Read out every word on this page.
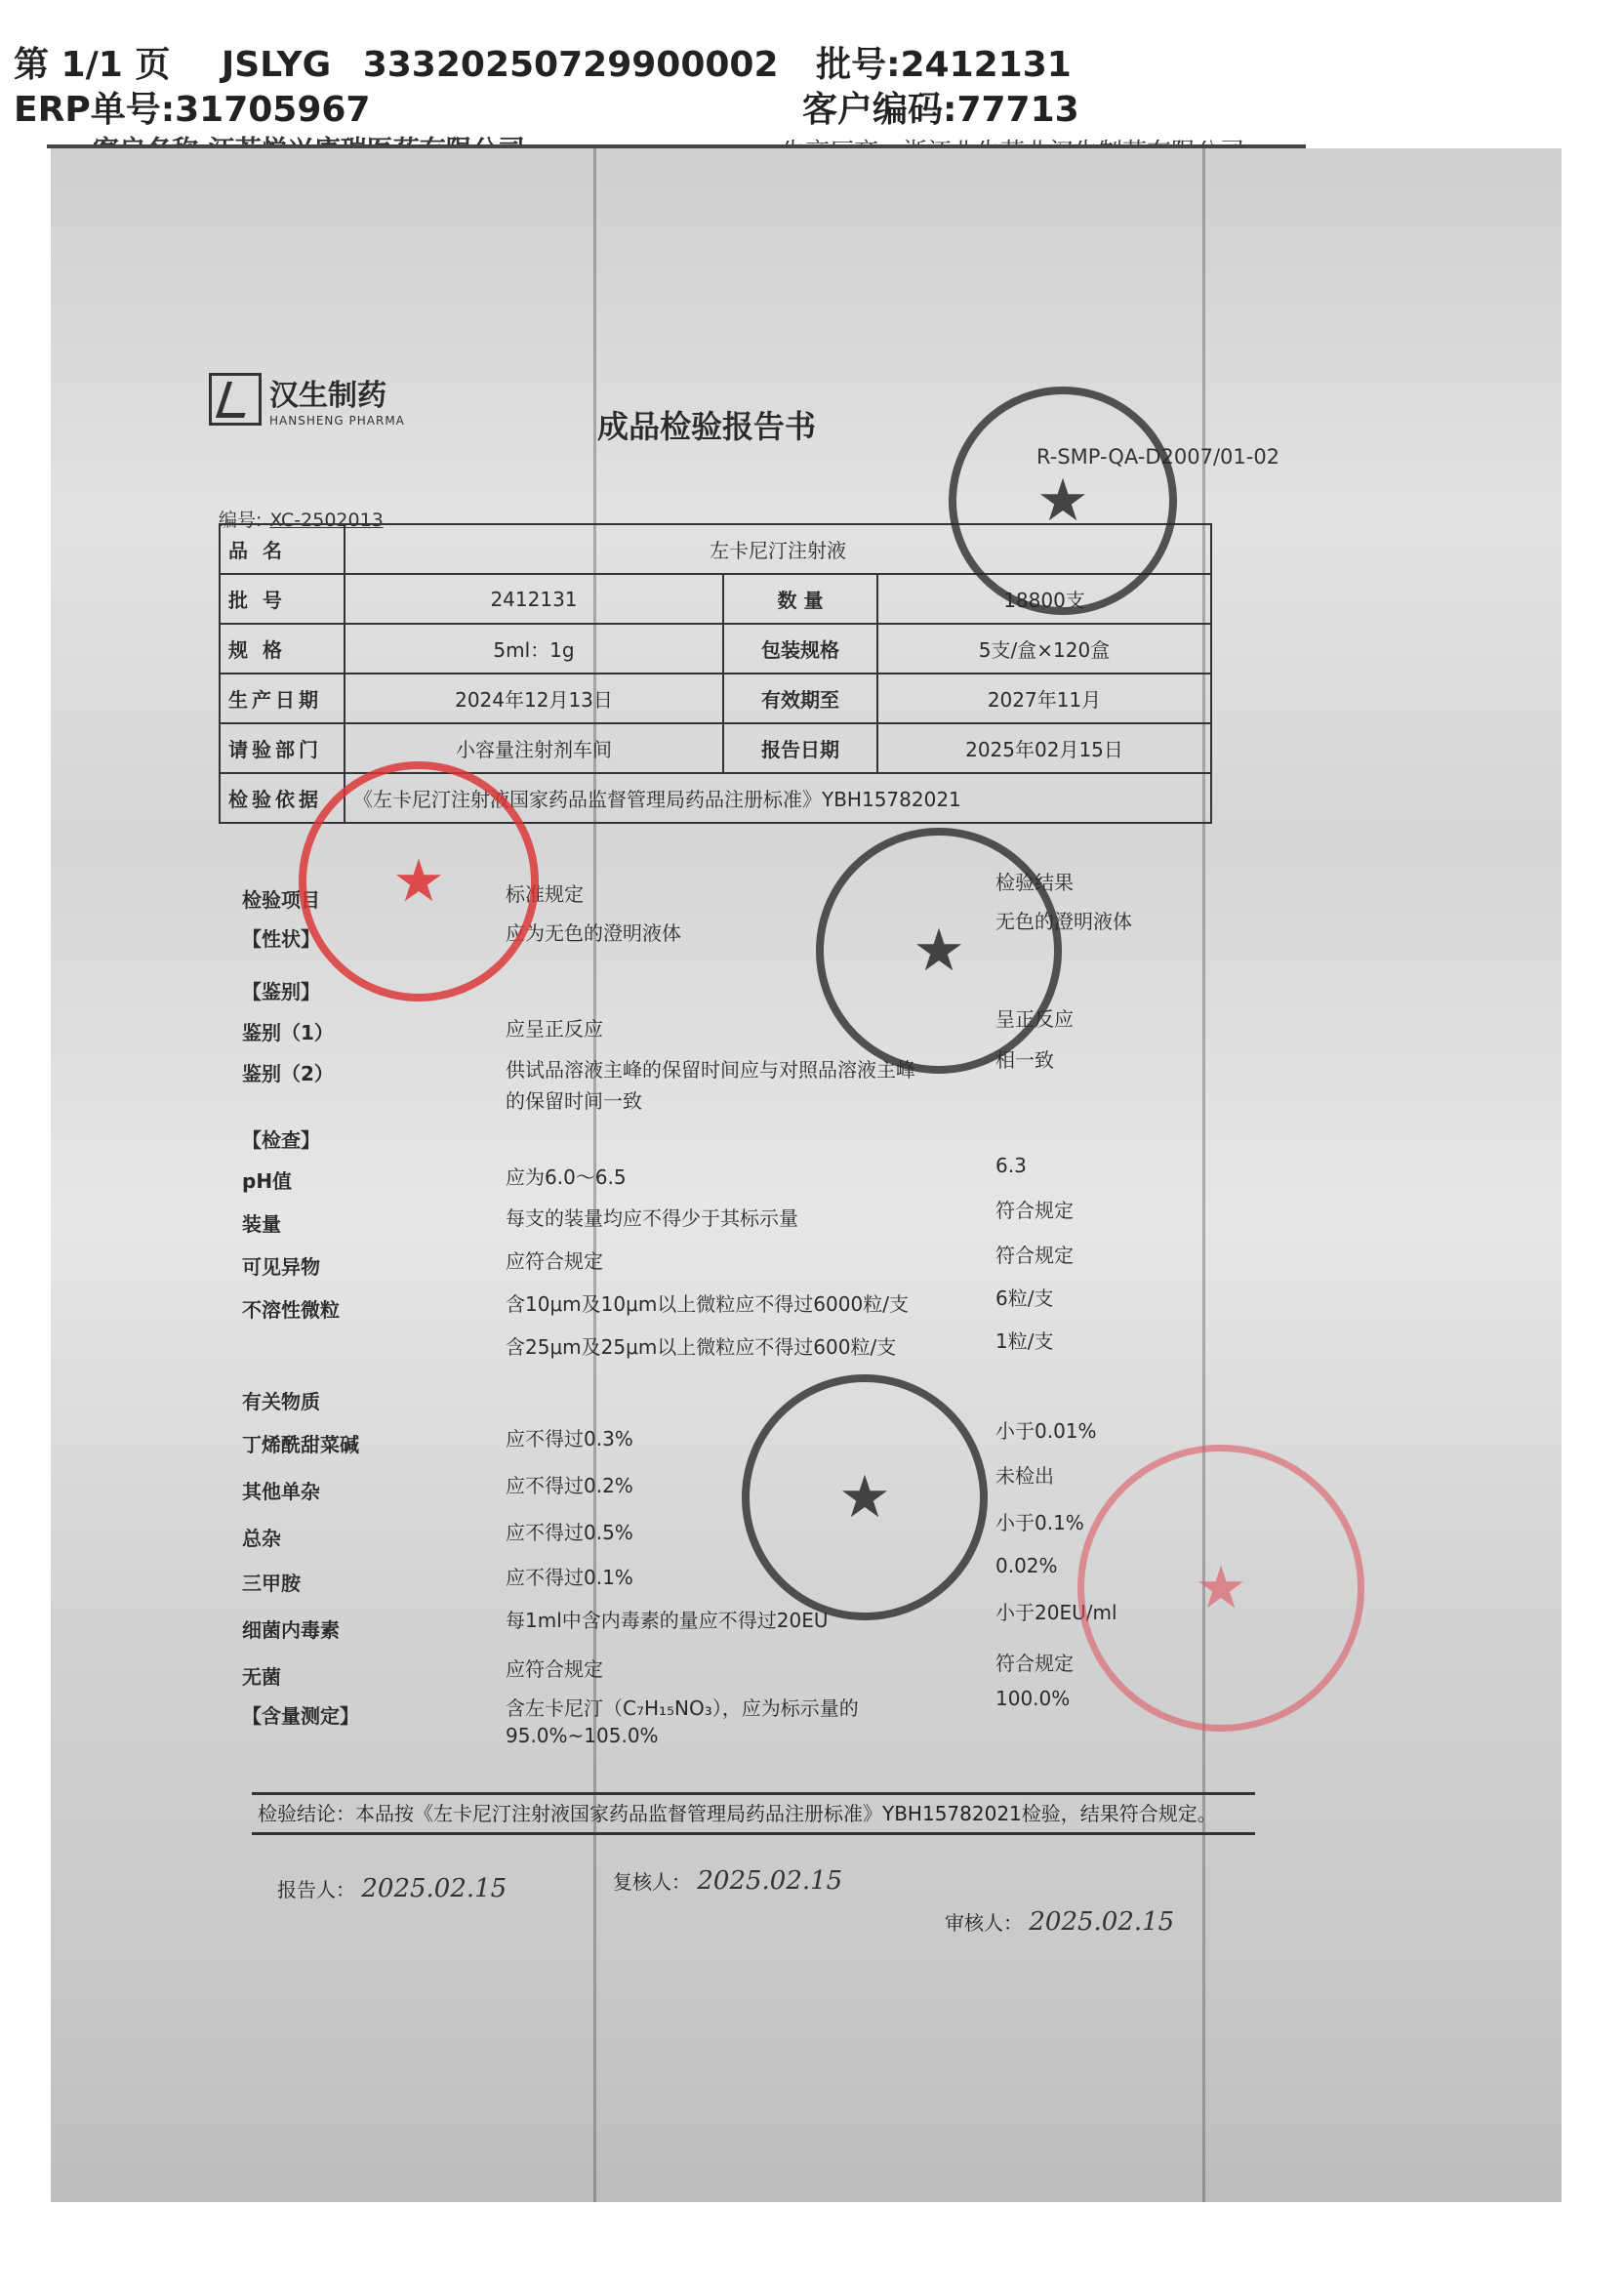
第 1/1 页 JSLYG 33320250729900002 批号:2412131
ERP单号:31705967	客户编码:77713
汉生制药
HANSHENG PHARMA	成品检验报告书
R-SMP-QA-D2007/01-02
编号: XC-2502013
品 名	左卡尼汀注射液		
批 号	2412131	数 量	18800支
规 格	5ml：1g	包装规格	5支/盒×120盒
生产日期	2024年12月13日	有效期至	2027年11月
请验部门	小容量注射剂车间	报告日期	2025年02月15日
检验依据	《左卡尼汀注射液国家药品监督管理局药品注册标准》YBH15782021		
检验项目	标准规定	检验结果
【性状】	应为无色的澄明液体	无色的澄明液体
【鉴别】
鉴别（1）	应呈正反应	呈正反应
鉴别（2）	供试品溶液主峰的保留时间应与对照品溶液主峰	相一致
的保留时间一致
【检查】
pH值	应为6.0～6.5	6.3
装量	每支的装量均应不得少于其标示量	符合规定
可见异物	应符合规定	符合规定
不溶性微粒	含10μm及10μm以上微粒应不得过6000粒/支	6粒/支
含25μm及25μm以上微粒应不得过600粒/支	1粒/支
有关物质
丁烯酰甜菜碱	应不得过0.3%	小于0.01%
其他单杂	应不得过0.2%	未检出
总杂	应不得过0.5%	小于0.1%
三甲胺	应不得过0.1%	0.02%
细菌内毒素	每1ml中含内毒素的量应不得过20EU	小于20EU/ml
无菌	应符合规定	符合规定
【含量测定】	含左卡尼汀（C₇H₁₅NO₃），应为标示量的	100.0%
95.0%~105.0%
检验结论：本品按《左卡尼汀注射液国家药品监督管理局药品注册标准》YBH15782021检验，结果符合规定。
报告人： 2025.02.15	复核人： 2025.02.15
审核人： 2025.02.15
★
★
★
★
★
